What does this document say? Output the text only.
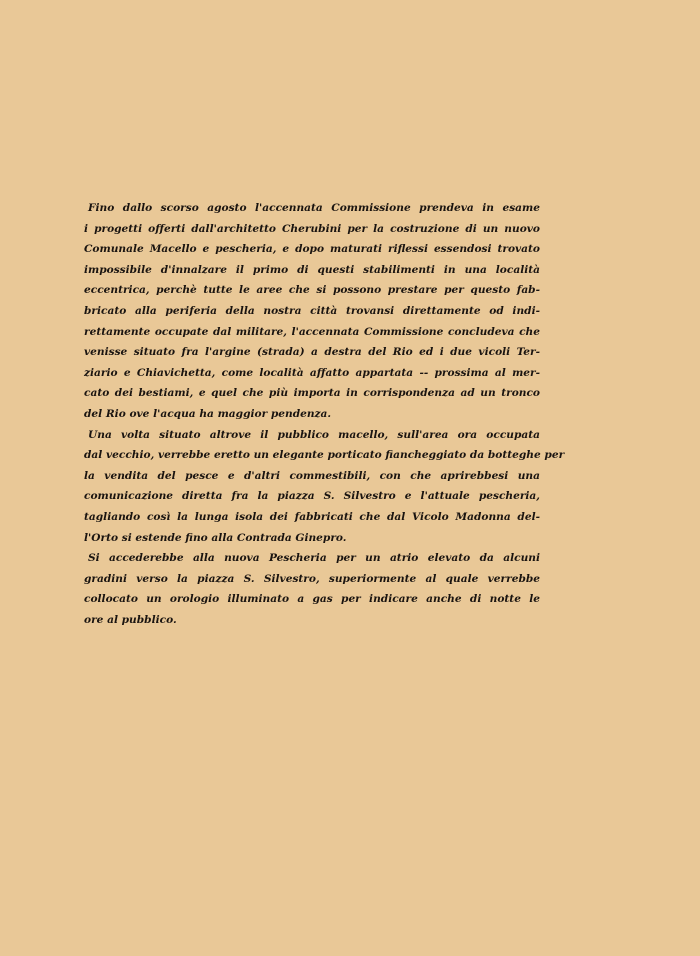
Fino dallo scorso agosto l'accennata Commissione prendeva in esame
i progetti offerti dall'architetto Cherubini per la costruzione di un nuovo
Comunale Macello e pescheria, e dopo maturati riflessi essendosi trovato
impossibile d'innalzare il primo di questi stabilimenti in una località
eccentrica, perchè tutte le aree che si possono prestare per questo fab-
bricato alla periferia della nostra città trovansi direttamente od indi-
rettamente occupate dal militare, l'accennata Commissione concludeva che
venisse situato fra l'argine (strada) a destra del Rio ed i due vicoli Ter-
ziario e Chiavichetta, come località affatto appartata -- prossima al mer-
cato dei bestiami, e quel che più importa in corrispondenza ad un tronco
del Rio ove l'acqua ha maggior pendenza.
Una volta situato altrove il pubblico macello, sull'area ora occupata
dal vecchio, verrebbe eretto un elegante porticato fiancheggiato da botteghe per
la vendita del pesce e d'altri commestibili, con che aprirebbesi una
comunicazione diretta fra la piazza S. Silvestro e l'attuale pescheria,
tagliando così la lunga isola dei fabbricati che dal Vicolo Madonna del-
l'Orto si estende fino alla Contrada Ginepro.
Si accederebbe alla nuova Pescheria per un atrio elevato da alcuni
gradini verso la piazza S. Silvestro, superiormente al quale verrebbe
collocato un orologio illuminato a gas per indicare anche di notte le
ore al pubblico.
